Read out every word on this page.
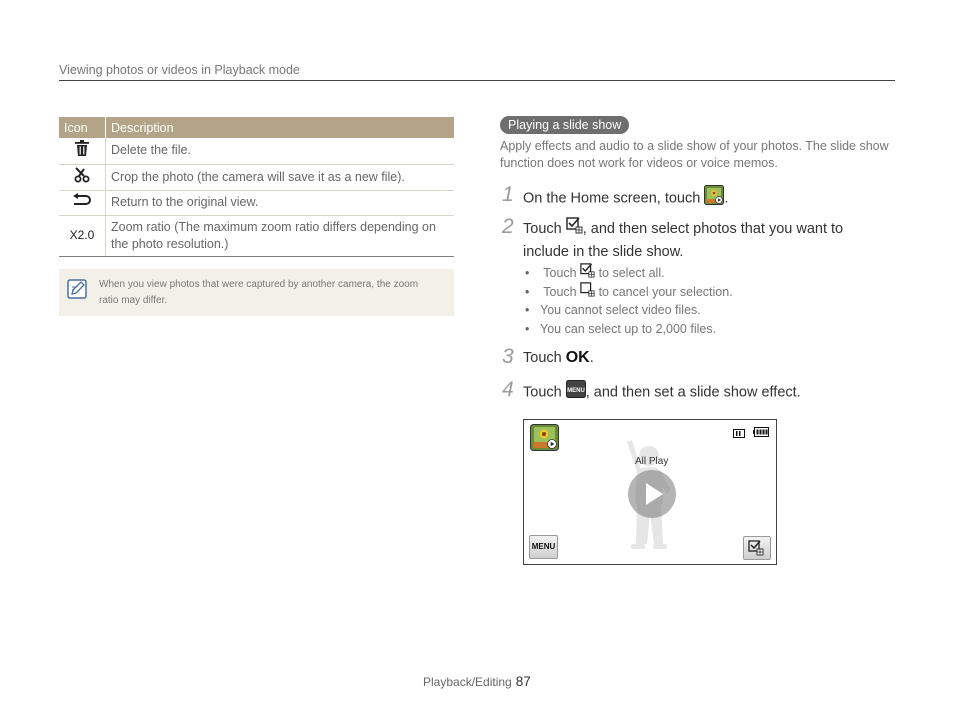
Viewing photos or videos in Playback mode
Icon	Description
	Delete the file.
	Crop the photo (the camera will save it as a new file).
	Return to the original view.
X2.0	Zoom ratio (The maximum zoom ratio differs depending on the photo resolution.)
When you view photos that were captured by another camera, the zoom ratio may differ.
Playing a slide show
Apply effects and audio to a slide show of your photos. The slide show function does not work for videos or voice memos.
1 On the Home screen, touch .
2 Touch , and then select photos that you want to include in the slide show.
• Touch to select all.
• Touch to cancel your selection.
• You cannot select video files.
• You can select up to 2,000 files.
3 Touch OK.
4 Touch MENU , and then set a slide show effect.
All Play
MENU
Playback/Editing 87
